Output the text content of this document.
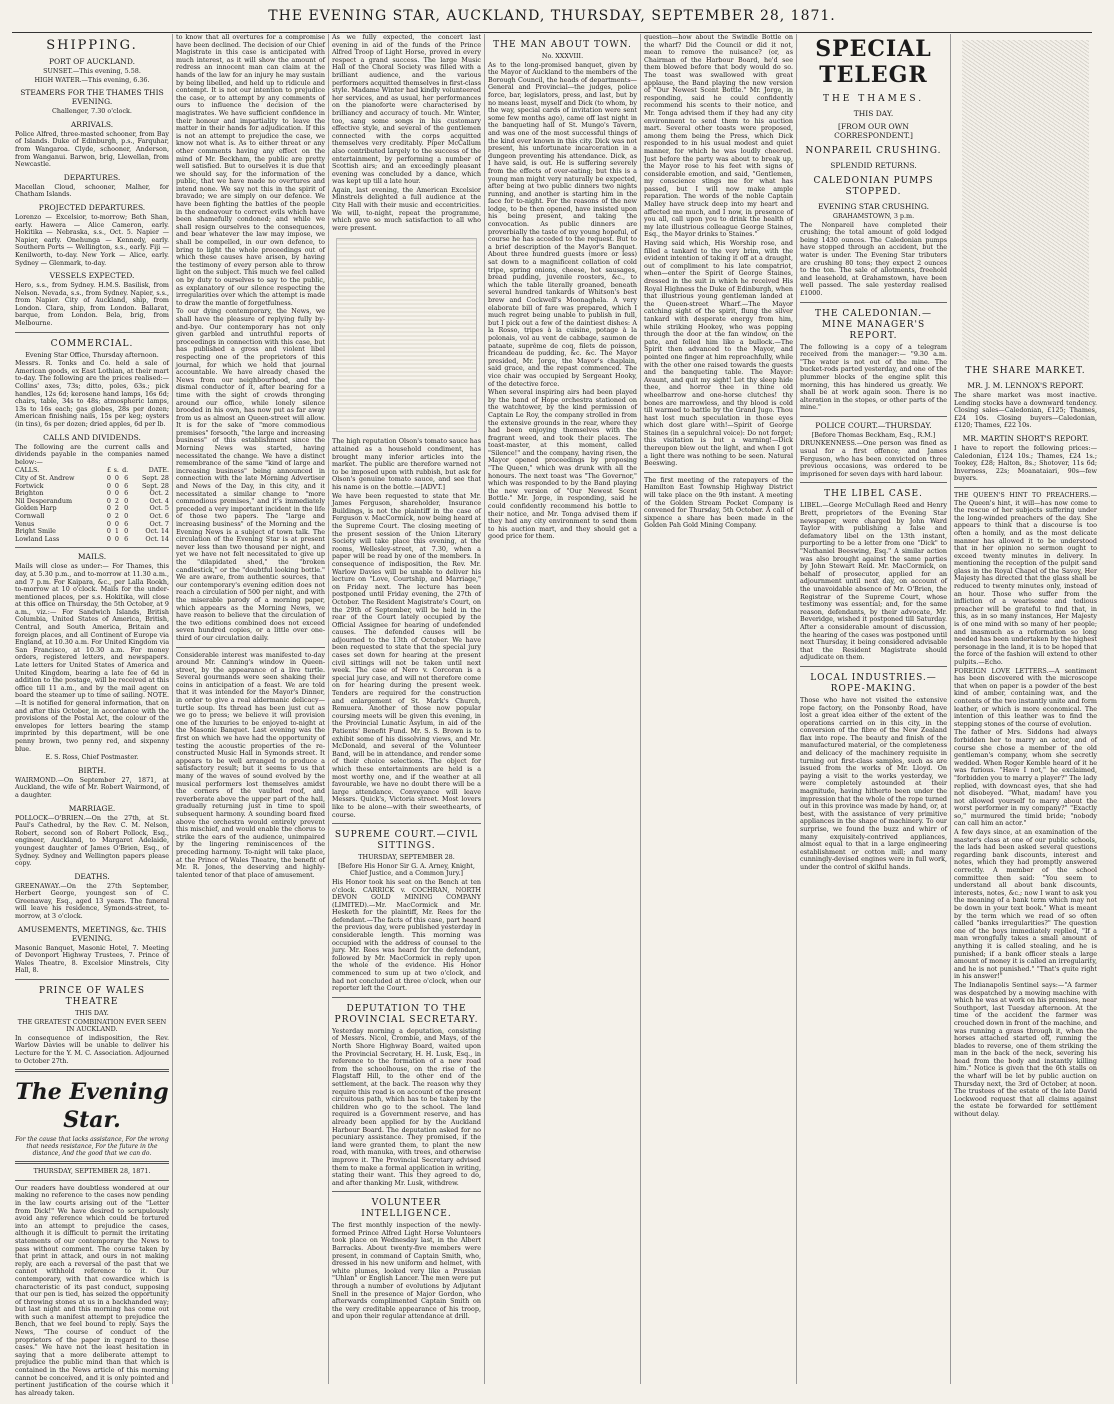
THE EVENING STAR, AUCKLAND, THURSDAY, SEPTEMBER 28, 1871.
SHIPPING.
PORT OF AUCKLAND.
SUNSET.—This evening, 5.58.
HIGH WATER.—This evening, 6.36.
STEAMERS FOR THE THAMES THIS EVENING.
Challenger, 7.30 o'clock.
ARRIVALS.
Police Alfred, three-masted schooner, from Bay of Islands. Duke of Edinburgh, p.s., Farquhar, from Wangaroa. Clyde, schooner, Anderson, from Wanganui. Barwon, brig, Llewellan, from Newcastle.
DEPARTURES.
Macellan Cloud, schooner, Malher, for Chatham Islands.
PROJECTED DEPARTURES.
Lorenzo — Excelsior, to-morrow; Beth Shan, early. Hawera — Alice Cameron, early. Hokitika — Nebraska, s.s., Oct. 5. Napier — Napier, early. Onehunga — Kennedy, early. Southern Ports — Wellington, s.s., early. Fiji — Kenilworth, to-day. New York — Alice, early. Sydney — Glenmark, to-day.
VESSELS EXPECTED.
Hero, s.s., from Sydney. H.M.S. Basilisk, from Nelson. Nevada, s.s., from Sydney. Napier, s.s., from Napier. City of Auckland, ship, from London. Clara, ship, from London. Ballarat, barque, from London. Bela, brig, from Melbourne.
COMMERCIAL.
Evening Star Office, Thursday afternoon.
Messrs. R. Tonks and Co. held a sale of American goods, ex East Lothian, at their mart to-day. The following are the prices realised:—Collins' axes, 73s; ditto, poles, 63s.; pick handles, 12s 6d; kerosene hand lamps, 16s 6d; chairs, table, 34s to 48s; atmospheric lamps, 13s to 16s each; gas globes, 28s per dozen; American finishing nails, 15s per keg; oysters (in tins), 6s per dozen; dried apples, 6d per lb.
CALLS AND DIVIDENDS.
The following are the current calls and dividends payable in the companies named below:—
CALLS.	£	s.	d.	DATE.
City of St. Andrew	0	0	6	Sept. 28
Fortwick	0	0	6	Sept. 28
Brighton	0	0	6	Oct. 2
Nil Desperandum	0	2	0	Oct. 4
Golden Harp	0	2	0	Oct. 5
Cornwall	0	2	0	Oct. 6
Venus	0	0	6	Oct. 7
Bright Smile	0	1	0	Oct. 14
Lowland Lass	0	0	6	Oct. 14
MAILS.
Mails will close as under:— For Thames, this day, at 5.30 p.m., and to-morrow at 11.30 a.m., and 7 p.m. For Kaipara, &c., per Lalla Rookh, to-morrow at 10 o'clock. Mails for the under-mentioned places, per s.s. Hokitika, will close at this office on Thursday, the 5th October, at 9 a.m., viz.:— For Sandwich Islands, British Columbia, United States of America, British, Central, and South America, Britain and foreign places, and all Continent of Europe via England, at 10.30 a.m. For United Kingdom via San Francisco, at 10.30 a.m. For money orders, registered letters, and newspapers. Late letters for United States of America and United Kingdom, bearing a late fee of 6d in addition to the postage, will be received at this office till 11 a.m., and by the mail agent on board the steamer up to time of sailing. NOTE.—It is notified for general information, that on and after this October, in accordance with the provisions of the Postal Act, the colour of the envelopes for letters bearing the stamp imprinted by this department, will be one penny brown, two penny red, and sixpenny blue.
E. S. Ross, Chief Postmaster.
BIRTH.
WAIRMOND.—On September 27, 1871, at Auckland, the wife of Mr. Robert Wairmond, of a daughter.
MARRIAGE.
POLLOCK—O'BRIEN.—On the 27th, at St. Paul's Cathedral, by the Rev. C. M. Nelson, Robert, second son of Robert Pollock, Esq., engineer, Auckland, to Margaret Adelaide, youngest daughter of James O'Brien, Esq., of Sydney. Sydney and Wellington papers please copy.
DEATHS.
GREENAWAY.—On the 27th September, Herbert George, youngest son of C. Greenaway, Esq., aged 13 years. The funeral will leave his residence, Symonds-street, to-morrow, at 3 o'clock.
AMUSEMENTS, MEETINGS, &c. THIS EVENING.
Masonic Banquet, Masonic Hotel, 7. Meeting of Devonport Highway Trustees, 7. Prince of Wales Theatre, 8. Excelsior Minstrels, City Hall, 8.
PRINCE OF WALES THEATRE
THIS DAY.
THE GREATEST COMBINATION EVER SEEN IN AUCKLAND.
In consequence of indisposition, the Rev. Warlow Davies will be unable to deliver his Lecture for the Y. M. C. Association. Adjourned to October 27th.
The Evening Star.
For the cause that lacks assistance, For the wrong that needs resistance, For the future in the distance, And the good that we can do.
THURSDAY, SEPTEMBER 28, 1871.
Our readers have doubtless wondered at our making no reference to the cases now pending in the law courts arising out of the "Letter from Dick!" We have desired to scrupulously avoid any reference which could be tortured into an attempt to prejudice the cases, although it is difficult to permit the irritating statements of our contemporary the News to pass without comment. The course taken by that print in attack, and ours in not making reply, are each a reversal of the past that we cannot withhold reference to it. Our contemporary, with that cowardice which is characteristic of its past conduct, supposing that our pen is tied, has seized the opportunity of throwing stones at us in a backhanded way; but last night and this morning has come out with such a manifest attempt to prejudice the Bench, that we feel bound to reply. Says the News, "The course of conduct of the proprietors of the paper in regard to these cases." We have not the least hesitation in saying that a more deliberate attempt to prejudice the public mind than that which is contained in the News article of this morning cannot be conceived, and it is only pointed and pertinent justification of the course which it has already taken.
to know that all overtures for a compromise have been declined. The decision of our Chief Magistrate in this case is anticipated with much interest, as it will show the amount of redress an innocent man can claim at the hands of the law for an injury he may sustain by being libelled, and held up to ridicule and contempt. It is not our intention to prejudice the case, or to attempt by any comments of ours to influence the decision of the magistrates. We have sufficient confidence in their honour and impartiality to leave the matter in their hands for adjudication. If this is not an attempt to prejudice the case, we know not what is. As to either threat or any other comments having any effect on the mind of Mr. Beckham, the public are pretty well satisfied. But to ourselves it is due that we should say, for the information of the public, that we have made no overtures and intend none. We say not this in the spirit of bravado; we are simply on our defence. We have been fighting the battles of the people in the endeavour to correct evils which have been shamefully condoned; and while we shall resign ourselves to the consequences, and bear whatever the law may impose, we shall be compelled, in our own defence, to bring to light the whole proceedings out of which these causes have arisen, by having the testimony of every person able to throw light on the subject. This much we feel called on by duty to ourselves to say to the public, as explanatory of our silence respecting the irregularities over which the attempt is made to draw the mantle of forgetfulness.
To our dying contemporary, the News, we shall have the pleasure of replying fully by-and-bye. Our contemporary has not only given garbled and untruthful reports of proceedings in connection with this case, but has published a gross and violent libel respecting one of the proprietors of this journal, for which we hold that journal accountable. We have already chased the News from our neighbourhood, and the dismal conductor of it, after bearing for a time with the sight of crowds thronging around our office, while lonely silence brooded in his own, has now put as far away from us as almost an Queen-street will allow. It is for the sake of "more commodious premises" forsooth, "the large and increasing business" of this establishment since the Morning News was started, having necessitated the change. We have a distinct remembrance of the same "kind of large and increasing business" being announced in connection with the late Morning Advertiser and News of the Day, in this city, and it necessitated a similar change to "more commodious premises," and it's immediately preceded a very important incident in the life of those two papers. The "large and increasing business" of the Morning and the Evening News is a subject of town talk. The circulation of the Evening Star is at present never less than two thousand per night, and yet we have not felt necessitated to give up the "dilapidated shed," the "broken candlestick," or the "doubtful looking bottle." We are aware, from authentic sources, that our contemporary's evening edition does not reach a circulation of 500 per night, and with the miserable parody of a morning paper, which appears as the Morning News, we have reason to believe that the circulation of the two editions combined does not exceed seven hundred copies, or a little over one-third of our circulation daily.
Considerable interest was manifested to-day around Mr. Canning's window in Queen-street, by the appearance of a live turtle. Several gourmands were seen shaking their coins in anticipation of a feast. We are told that it was intended for the Mayor's Dinner, in order to give a real aldermanic delicacy—turtle soup. Its thread has been just cut as we go to press; we believe it will provision one of the luxuries to be enjoyed to-night at the Masonic Banquet. Last evening was the first on which we have had the opportunity of testing the acoustic properties of the re-constructed Music Hall in Symonds street. It appears to be well arranged to produce a satisfactory result; but it seems to us that many of the waves of sound evolved by the musical performers lost themselves amidst the corners of the vaulted roof, and reverberate above the upper part of the hall, gradually returning just in time to spoil subsequent harmony. A sounding board fixed above the orchestra would entirely prevent this mischief, and would enable the chorus to strike the ears of the audience, unimpaired by the lingering reminiscences of the preceding harmony. To-night will take place, at the Prince of Wales Theatre, the benefit of Mr. R. Jones, the deserving and highly-talented tenor of that place of amusement.
As we fully expected, the concert last evening in aid of the funds of the Prince Alfred Troop of Light Horse, proved in every respect a grand success. The large Music Hall of the Choral Society was filled with a brilliant audience, and the various performers acquitted themselves in first-class style. Madame Winter had kindly volunteered her services, and as usual, her performances on the pianoforte were characterised by brilliancy and accuracy of touch. Mr. Winter, too, sang some songs in his customary effective style, and several of the gentlemen connected with the corps acquitted themselves very creditably. Piper McCallum also contributed largely to the success of the entertainment, by performing a number of Scottish airs; and an exceedingly pleasant evening was concluded by a dance, which was kept up till a late hour.
Again, last evening, the American Excelsior Minstrels delighted a full audience at the City Hall with their music and eccentricities. We will, to-night, repeat the programme, which gave so much satisfaction to all who were present.
The high reputation Olson's tomato sauce has attained as a household condiment, has brought many inferior articles into the market. The public are therefore warned not to be imposed upon with rubbish, but ask for Olson's genuine tomato sauce, and see that his name is on the bottle.—[ADVT.]
We have been requested to state that Mr. James Ferguson, shareholder, Insurance Buildings, is not the plaintiff in the case of Ferguson v. MacCormick, now being heard at the Supreme Court. The closing meeting of the present session of the Union Literary Society will take place this evening, at the rooms, Wellesley-street, at 7.30, when a paper will be read by one of the members. In consequence of indisposition, the Rev. Mr. Warlow Davies will be unable to deliver his lecture on "Love, Courtship, and Marriage," on Friday next. The lecture has been postponed until Friday evening, the 27th of October. The Resident Magistrate's Court, on the 29th of September, will be held in the rear of the Court lately occupied by the Official Assignee for hearing of undefended causes. The defended causes will be adjourned to the 13th of October. We have been requested to state that the special jury cases set down for hearing at the present civil sittings will not be taken until next week. The case of Nero v. Corcoran is a special jury case, and will not therefore come on for hearing during the present week. Tenders are required for the construction and enlargement of St. Mark's Church, Remuera. Another of those now popular coursing meets will be given this evening, in the Provincial Lunatic Asylum, in aid of the Patients' Benefit Fund. Mr. S. S. Brown is to exhibit some of his dissolving views, and Mr. McDonald, and several of the Volunteer Band, will be in attendance, and render some of their choice selections. The object for which these entertainments are held is a most worthy one, and if the weather at all favourable, we have no doubt there will be a large attendance. Conveyance will leave Messrs. Quick's, Victoria street. Most lovers like to be alone—with their sweethearts, of course.
SUPREME COURT.—CIVIL SITTINGS.
THURSDAY, SEPTEMBER 28.
[Before His Honor Sir G. A. Arney, Knight, Chief Justice, and a Common Jury.]
His Honor took his seat on the Bench at ten o'clock. CARRICK v. COCHRAN, NORTH DEVON GOLD MINING COMPANY (LIMITED).—Mr. MacCormick and Mr. Hesketh for the plaintiff, Mr. Rees for the defendant.—The facts of this case, part heard the previous day, were published yesterday in considerable length. This morning was occupied with the address of counsel to the jury. Mr. Rees was heard for the defendant, followed by Mr. MacCormick in reply upon the whole of the evidence. His Honor commenced to sum up at two o'clock, and had not concluded at three o'clock, when our reporter left the Court.
DEPUTATION TO THE PROVINCIAL SECRETARY.
Yesterday morning a deputation, consisting of Messrs. Nicol, Crombie, and Mays, of the North Shore Highway Board, waited upon the Provincial Secretary, H. H. Lusk, Esq., in reference to the formation of a new road from the schoolhouse, on the rise of the Flagstaff Hill, to the other end of the settlement, at the back. The reason why they require this road is on account of the present circuitous path, which has to be taken by the children who go to the school. The land required is a Government reserve, and has already been applied for by the Auckland Harbour Board. The deputation asked for no pecuniary assistance. They promised, if the land were granted them, to plant the new road, with manuka, with trees, and otherwise improve it. The Provincial Secretary advised them to make a formal application in writing, stating their want. This they agreed to do, and after thanking Mr. Lusk, withdrew.
VOLUNTEER INTELLIGENCE.
The first monthly inspection of the newly-formed Prince Alfred Light Horse Volunteers took place on Wednesday last, in the Albert Barracks. About twenty-five members were present, in command of Captain Smith, who, dressed in his new uniform and helmet, with white plumes, looked very like a Prussian "Uhlan" or English Lancer. The men were put through a number of evolutions by Adjutant Snell in the presence of Major Gordon, who afterwards complimented Captain Smith on the very creditable appearance of his troop, and upon their regular attendance at drill.
THE MAN ABOUT TOWN.
No. XXXVIII.
As to the long-promised banquet, given by the Mayor of Auckland to the members of the Borough Council, the heads of departments—General and Provincial—the judges, police force, bar, legislators, press, and last, but by no means least, myself and Dick (to whom, by the way, special cards of invitation were sent some few months ago), came off last night in the banqueting hall of St. Mungo's Tavern, and was one of the most successful things of the kind ever known in this city. Dick was not present, his unfortunate incarceration in a dungeon preventing his attendance. Dick, as I have said, is out. He is suffering severely from the effects of over-eating; but this is a young man might very naturally be expected, after being at two public dinners two nights running, and another is starting him in the face for to-night. For the reasons of the new lodge, to be then opened, have insisted upon his being present, and taking the convocation. As public dinners are proverbially the taste of my young hopeful, of course he has acceded to the request. But to a brief description of the Mayor's Banquet. About three hundred guests (more or less) sat down to a magnificent collation of cold tripe, spring onions, cheese, hot sausages, bread pudding, juvenile roosters, &c., to which the table literally groaned, beneath several hundred tankards of Whitson's best brew and Cockwell's Moonaghela. A very elaborate bill of fare was prepared, which I much regret being unable to publish in full, but I pick out a few of the daintiest dishes: A la Rosso, tripes à la cuisine, potage à la polonais, vol au vent de cabbage, saumon de pataate, suprême de coq, filets de poisson, fricandeau de pudding, &c. &c. The Mayor presided, Mr. Jorge, the Mayor's chaplain, said grace, and the repast commenced. The vice chair was occupied by Sergeant Hooky, of the detective force.
When several inspiring airs had been played by the band of Hope orchestra stationed on the watchtower, by the kind permission of Captain Le Roy, the company strolled in from the extensive grounds in the rear, where they had been enjoying themselves with the fragrant weed, and took their places. The toast-master, at this moment, called "Silence!" and the company, having risen, the Mayor opened proceedings by proposing "The Queen," which was drunk with all the honours. The next toast was "The Governor," which was responded to by the Band playing the new version of "Our Newest Scent Bottle." Mr. Jorge, in responding, said he could confidently recommend his bottle to their notice, and Mr. Tonga advised them if they had any city environment to send them to his auction mart, and they should get a good price for them.
question—how about the Swindle Bottle on the wharf? Did the Council or did it not, mean to remove the nuisance? (or, as Chairman of the Harbour Board, he'd see them blowed before that body would do so. The toast was swallowed with great applause, the Band playing the new version of "Our Newest Scent Bottle." Mr. Jorge, in responding, said he could confidently recommend his scents to their notice, and Mr. Tonga advised them if they had any city environment to send them to his auction mart. Several other toasts were proposed, among them being the Press, which Dick responded to in his usual modest and quiet manner, for which he was loudly cheered. Just before the party was about to break up, the Mayor rose to his feet with signs of considerable emotion, and said, "Gentlemen, my conscience stings me for what has passed, but I will now make ample reparation. The words of the noble Captain Malley have struck deep into my heart and affected me much, and I now, in presence of you all, call upon you to drink the health of my late illustrious colleague George Staines, Esq., the Mayor drinks to Staines."
Having said which, His Worship rose, and filled a tankard to the very brim, with the evident intention of taking it off at a draught, out of compliment to his late compatriot, when—enter the Spirit of George Staines, dressed in the suit in which he received His Royal Highness the Duke of Edinburgh, when that illustrious young gentleman landed at the Queen-street Wharf.—The Mayor catching sight of the spirit, flung the silver tankard with desperate energy from him, while striking Hookey, who was popping through the door at the fan window, on the pate, and felled him like a bullock.—The Spirit then advanced to the Mayor, and pointed one finger at him reproachfully, while with the other one raised towards the guests and the banqueting table. The Mayor: Avaunt, and quit my sight! Let thy sleep hide thee, and horror thee in thine old wheelbarrow and one-horse clutches! thy bones are marrowless, and thy blood is cold till warmed to battle by the Grand Jugo. Thou hast lost much speculation in those eyes which dost glare with!—Spirit of George Staines (in a sepulchral voice): Do not forget; this visitation is but a warning!—Dick thereupon blew out the light, and when I got a light there was nothing to be seen. Natural Beeswing.
The first meeting of the ratepayers of the Hamilton East Township Highway District will take place on the 9th instant. A meeting of the Golden Stream Pocket Company is convened for Thursday, 5th October. A call of sixpence a share has been made in the Golden Pah Gold Mining Company.
SPECIAL TELEGR
THE THAMES.
THIS DAY.
[FROM OUR OWN CORRESPONDENT.]
NONPAREIL CRUSHING.
SPLENDID RETURNS.
CALEDONIAN PUMPS STOPPED.
EVENING STAR CRUSHING.
GRAHAMSTOWN, 3 p.m.
The Nonpareil have completed their crushing; the total amount of gold lodged being 1430 ounces. The Caledonian pumps have stopped through an accident, but the water is under. The Evening Star tributers are crushing 80 tons; they expect 2 ounces to the ton. The sale of allotments, freehold and leasehold, at Grahamstown, have been well passed. The sale yesterday realised £1000.
THE CALEDONIAN.—MINE MANAGER'S REPORT.
The following is a copy of a telegram received from the manager:— "9.30 a.m. "The water is not out of the mine. The bucket-rods parted yesterday, and one of the plummer blocks of the engine split this morning, this has hindered us greatly. We shall be at work again soon. There is no alteration in the stopes, or other parts of the mine."
POLICE COURT.—THURSDAY.
[Before Thomas Beckham, Esq., R.M.]
DRUNKENNESS.—One person was fined as usual for a first offence; and James Ferguson, who has been convicted on three previous occasions, was ordered to be imprisoned for seven days with hard labour.
THE LIBEL CASE.
LIBEL.—George McCullagh Reed and Henry Brett, proprietors of the Evening Star newspaper, were charged by John Ward Taylor with publishing a false and defamatory libel on the 13th instant, purporting to be a letter from one "Dick" to "Nathaniel Beeswing, Esq." A similar action was also brought against the same parties by John Stewart Reid. Mr. MacCormick, on behalf of prosecutor, applied for an adjournment until next day, on account of the unavoidable absence of Mr. O'Brien, the Registrar of the Supreme Court, whose testimony was essential; and, for the same reason, defendants, by their advocate, Mr. Beveridge, wished it postponed till Saturday. After a considerable amount of discussion, the hearing of the cases was postponed until next Thursday, it being considered advisable that the Resident Magistrate should adjudicate on them.
LOCAL INDUSTRIES.—ROPE-MAKING.
Those who have not visited the extensive rope factory, on the Ponsonby Road, have lost a great idea either of the extent of the operations carried on in this city, in the conversion of the fibre of the New Zealand flax into rope. The beauty and finish of the manufactured material, or the completeness and delicacy of the machinery requisite in turning out first-class samples, such as are issued from the works of Mr. Lloyd. On paying a visit to the works yesterday, we were completely astounded at their magnitude, having hitherto been under the impression that the whole of the rope turned out in this province was made by hand, or, at best, with the assistance of very primitive appliances in the shape of machinery. To our surprise, we found the buzz and whirr of many exquisitely-contrived appliances, almost equal to that in a large engineering establishment or cotton mill; and many cunningly-devised engines were in full work, under the control of skilful hands.
THE SHARE MARKET.
MR. J. M. LENNOX'S REPORT.
The share market was most inactive. Lending stocks have a downward tendency. Closing sales—Caledonian, £125; Thames, £24 10s. Closing buyers—Caledonian, £120; Thames, £22 10s.
MR. MARTIN SHORT'S REPORT.
I have to report the following prices:—Caledonian, £124 10s.; Thames, £24 1s.; Tookey, £28; Halton, 8s.; Shotover, 11s 6d; Inverness, 22s; Moanataiari, 90s—few buyers.
THE QUEEN'S HINT TO PREACHERS.—The Queen's hint, it will—has now come to the rescue of her subjects suffering under the long-winded preachers of the day. She appears to think that a discourse is too often a homily, and as the most delicate manner has allowed it to be understood that in her opinion no sermon ought to exceed twenty minutes in delivery. In mentioning the reception of the pulpit sand glass in the Royal Chapel of the Savoy, Her Majesty has directed that the glass shall be reduced to twenty minutes only, instead of an hour. Those who suffer from the infliction of a wearisome and tedious preacher will be grateful to find that, in this, as in so many instances, Her Majesty is of one mind with so many of her people; and inasmuch as a reformation so long needed has been undertaken by the highest personage in the land, it is to be hoped that the force of the fashion will extend to other pulpits.—Echo.
FOREIGN LOVE LETTERS.—A sentiment has been discovered with the microscope that when on paper is a powder of the best kind of amber, containing wax, and the contents of the two instantly unite and form leather, or which is more economical. The intention of this leather was to find the stepping stones of the course of evolution.
The father of Mrs. Siddons had always forbidden her to marry an actor, and of course she chose a member of the old gentleman's company, whom she secretly wedded. When Roger Kemble heard of it he was furious. "Have I not," he exclaimed, "forbidden you to marry a player?" The lady replied, with downcast eyes, that she had not disobeyed. "What, madam! have you not allowed yourself to marry about the worst performer in my company?" "Exactly so," murmured the timid bride; "nobody can call him an actor."
A few days since, at an examination of the master's class at one of our public schools, the lads had been asked several questions regarding bank discounts, interest and notes, which they had promptly answered correctly. A member of the school committee then said: "You seem to understand all about bank discounts, interests, notes, &c.; now I want to ask you the meaning of a bank term which may not be down in your text book." What is meant by the term which we read of so often called "banks irregularities?" The question one of the boys immediately replied, "If a man wrongfully takes a small amount of anything it is called stealing, and he is punished; if a bank officer steals a large amount of money it is called an irregularity, and he is not punished." "That's quite right in his answer!"
The Indianapolis Sentinel says:—"A farmer was despatched by a mowing machine with which he was at work on his premises, near Southport, last Tuesday afternoon. At the time of the accident the farmer was crouched down in front of the machine, and was running a grass through it, when the horses attached started off, running the blades to reverse, one of them striking the man in the back of the neck, severing his head from the body and instantly killing him." Notice is given that the 6th stalls on the wharf will be let by public auction on Thursday next, the 3rd of October, at noon. The trustees of the estate of the late David Lockwood request that all claims against the estate be forwarded for settlement without delay.
